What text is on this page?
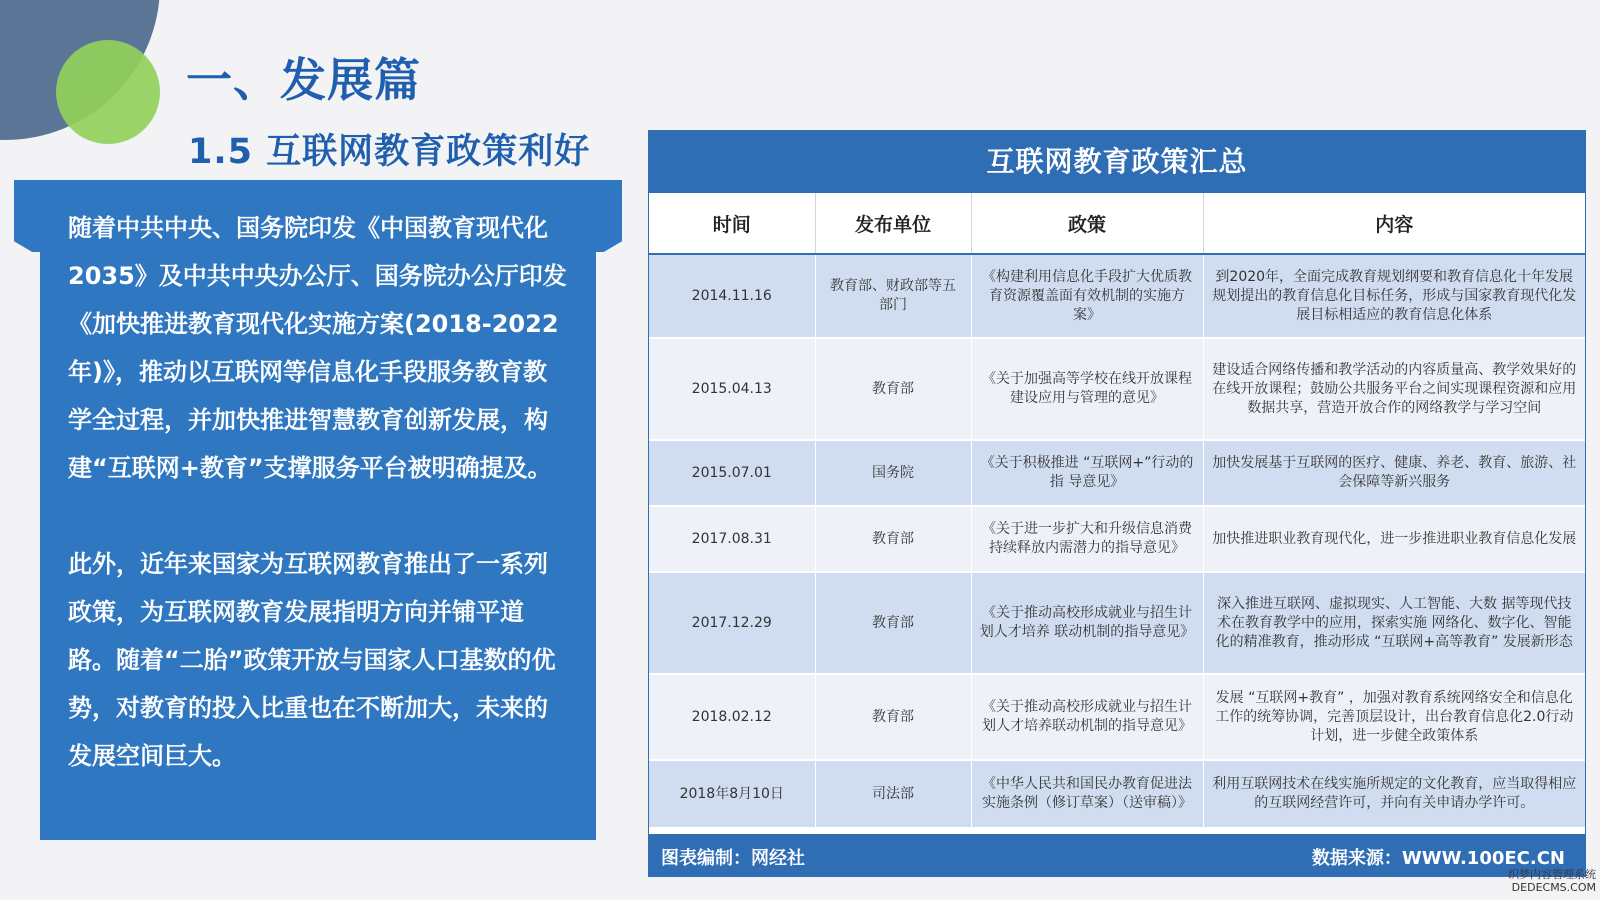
一、发展篇
1.5 互联网教育政策利好

随着中共中央、国务院印发《中国教育现代化2035》及中共中央办公厅、国务院办公厅印发《加快推进教育现代化实施方案(2018-2022年)》，推动以互联网等信息化手段服务教育教学全过程，并加快推进智慧教育创新发展，构建“互联网+教育”支撑服务平台被明确提及。

此外，近年来国家为互联网教育推出了一系列政策，为互联网教育发展指明方向并铺平道路。随着“二胎”政策开放与国家人口基数的优势，对教育的投入比重也在不断加大，未来的发展空间巨大。

互联网教育政策汇总
时间	发布单位	政策	内容
2014.11.16	教育部、财政部等五部门	《构建利用信息化手段扩大优质教育资源覆盖面有效机制的实施方案》	到2020年，全面完成教育规划纲要和教育信息化十年发展规划提出的教育信息化目标任务，形成与国家教育现代化发展目标相适应的教育信息化体系
2015.04.13	教育部	《关于加强高等学校在线开放课程建设应用与管理的意见》	建设适合网络传播和教学活动的内容质量高、教学效果好的在线开放课程；鼓励公共服务平台之间实现课程资源和应用数据共享，营造开放合作的网络教学与学习空间
2015.07.01	国务院	《关于积极推进 “互联网+”行动的指 导意见》	加快发展基于互联网的医疗、健康、养老、教育、旅游、社会保障等新兴服务
2017.08.31	教育部	《关于进一步扩大和升级信息消费持续释放内需潜力的指导意见》	加快推进职业教育现代化，进一步推进职业教育信息化发展
2017.12.29	教育部	《关于推动高校形成就业与招生计划人才培养 联动机制的指导意见》	深入推进互联网、虚拟现实、人工智能、大数 据等现代技术在教育教学中的应用，探索实施 网络化、数字化、智能化的精准教育，推动形成 “互联网+高等教育” 发展新形态
2018.02.12	教育部	《关于推动高校形成就业与招生计划人才培养联动机制的指导意见》	发展 “互联网+教育” ，加强对教育系统网络安全和信息化工作的统筹协调，完善顶层设计，出台教育信息化2.0行动计划，进一步健全政策体系
2018年8月10日	司法部	《中华人民共和国民办教育促进法实施条例（修订草案）（送审稿）》	利用互联网技术在线实施所规定的文化教育，应当取得相应的互联网经营许可，并向有关申请办学许可。
图表编制：网经社	数据来源：WWW.100EC.CN
织梦内容管理系统
DEDECMS.COM
